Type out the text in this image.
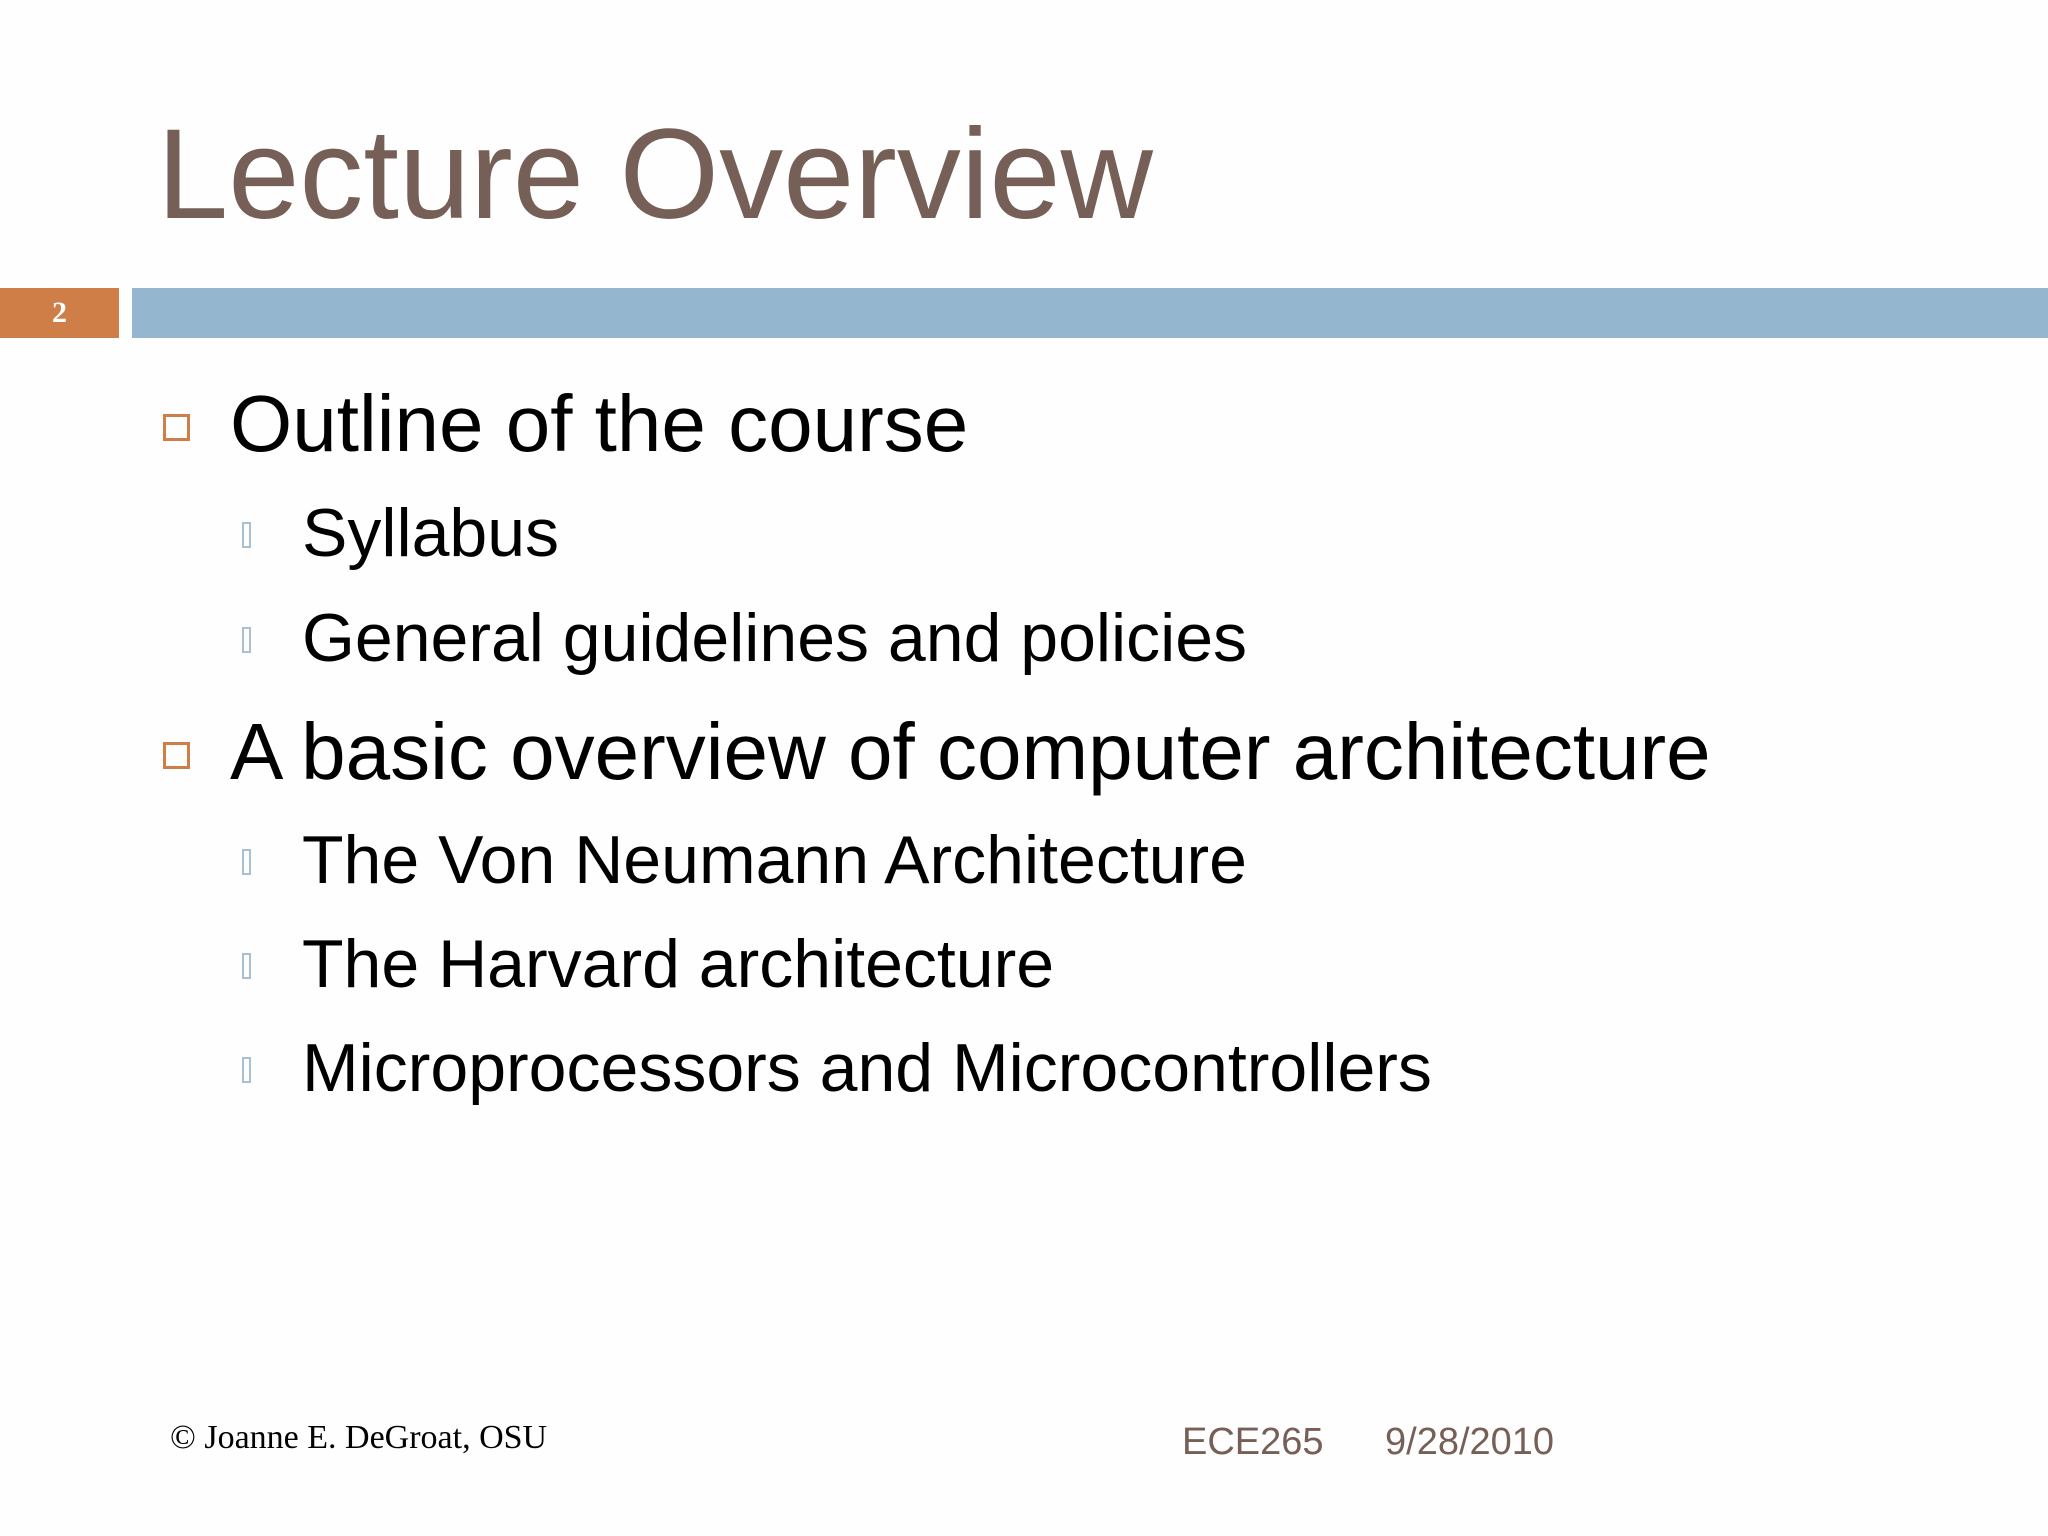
Lecture Overview
2
Outline of the course
Syllabus
General guidelines and policies
A basic overview of computer architecture
The Von Neumann Architecture
The Harvard architecture
Microprocessors and Microcontrollers
© Joanne E. DeGroat, OSU	ECE265 9/28/2010
